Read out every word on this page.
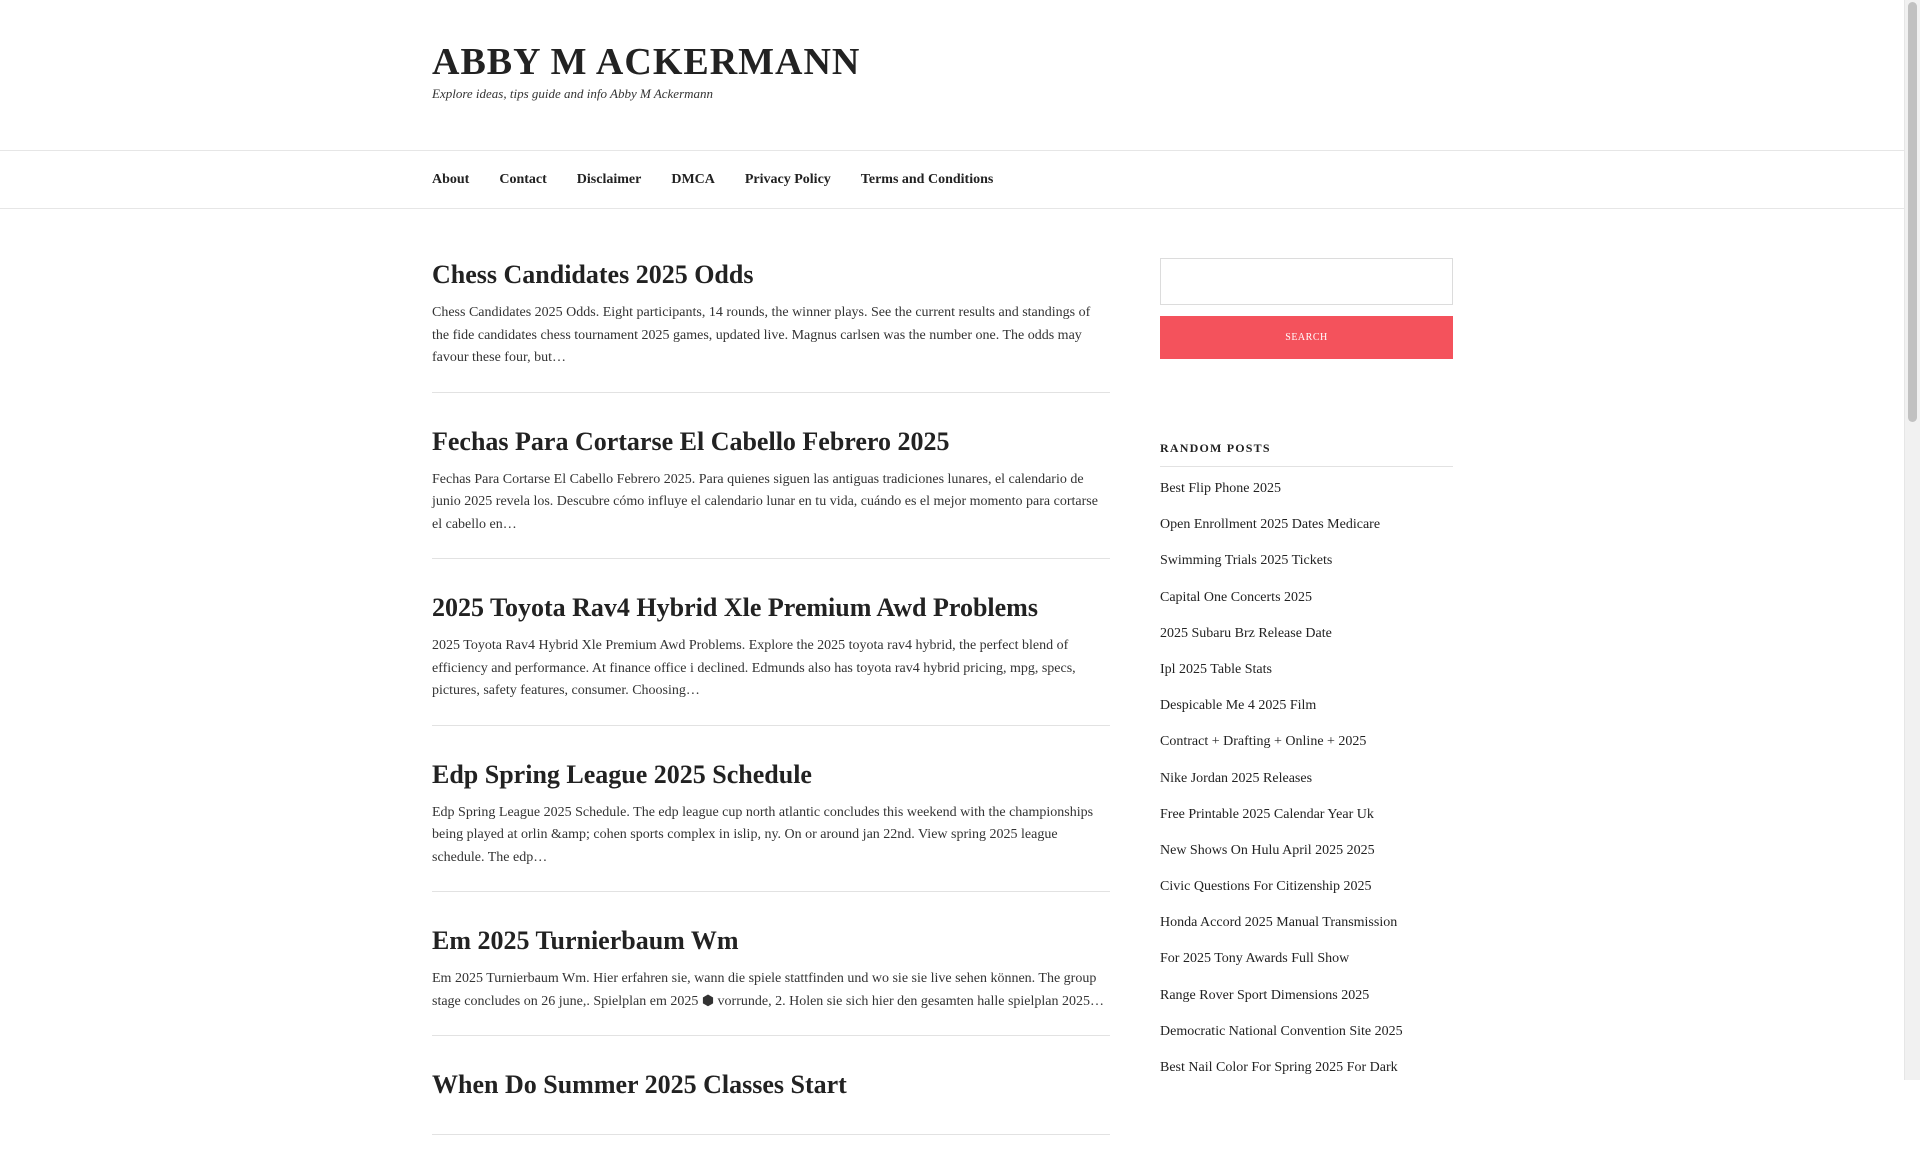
ABBY M ACKERMANN

Explore ideas, tips guide and info Abby M Ackermann

About Contact Disclaimer DMCA Privacy Policy Terms and Conditions
Chess Candidates 2025 Odds

Chess Candidates 2025 Odds. Eight participants, 14 rounds, the winner plays. See the current results and standings of the fide candidates chess tournament 2025 games, updated live. Magnus carlsen was the number one. The odds may favour these four, but…

Fechas Para Cortarse El Cabello Febrero 2025

Fechas Para Cortarse El Cabello Febrero 2025. Para quienes siguen las antiguas tradiciones lunares, el calendario de junio 2025 revela los. Descubre cómo influye el calendario lunar en tu vida, cuándo es el mejor momento para cortarse el cabello en…

2025 Toyota Rav4 Hybrid Xle Premium Awd Problems

2025 Toyota Rav4 Hybrid Xle Premium Awd Problems. Explore the 2025 toyota rav4 hybrid, the perfect blend of efficiency and performance. At finance office i declined. Edmunds also has toyota rav4 hybrid pricing, mpg, specs, pictures, safety features, consumer. Choosing…

Edp Spring League 2025 Schedule

Edp Spring League 2025 Schedule. The edp league cup north atlantic concludes this weekend with the championships being played at orlin &amp; cohen sports complex in islip, ny. On or around jan 22nd. View spring 2025 league schedule. The edp…

Em 2025 Turnierbaum Wm

Em 2025 Turnierbaum Wm. Hier erfahren sie, wann die spiele stattfinden und wo sie sie live sehen können. The group stage concludes on 26 june,. Spielplan em 2025 ⬢ vorrunde, 2. Holen sie sich hier den gesamten halle spielplan 2025…

When Do Summer 2025 Classes Start
SEARCH
RANDOM POSTS
Best Flip Phone 2025
Open Enrollment 2025 Dates Medicare
Swimming Trials 2025 Tickets
Capital One Concerts 2025
2025 Subaru Brz Release Date
Ipl 2025 Table Stats
Despicable Me 4 2025 Film
Contract + Drafting + Online + 2025
Nike Jordan 2025 Releases
Free Printable 2025 Calendar Year Uk
New Shows On Hulu April 2025 2025
Civic Questions For Citizenship 2025
Honda Accord 2025 Manual Transmission
For 2025 Tony Awards Full Show
Range Rover Sport Dimensions 2025
Democratic National Convention Site 2025
Best Nail Color For Spring 2025 For Dark
